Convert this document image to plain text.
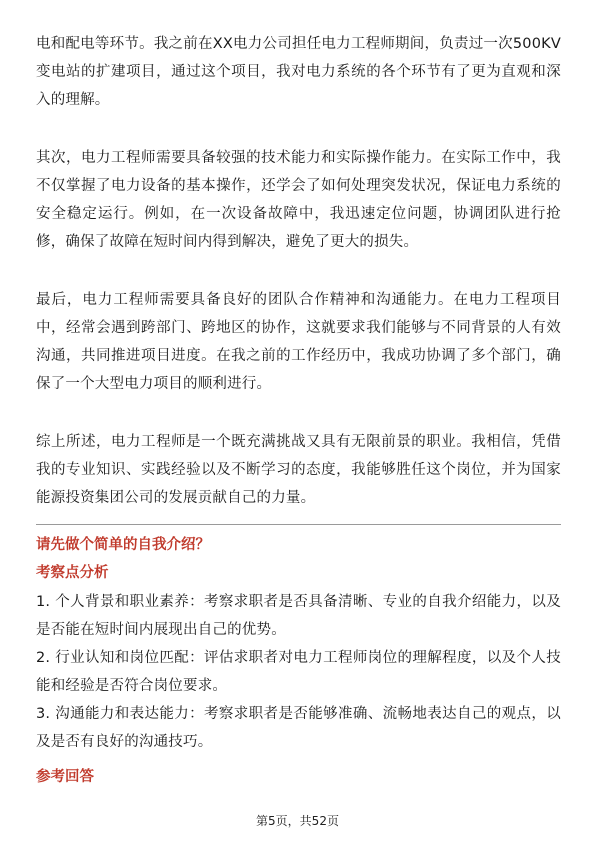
电和配电等环节。我之前在XX电力公司担任电力工程师期间，负责过一次500KV变电站的扩建项目，通过这个项目，我对电力系统的各个环节有了更为直观和深入的理解。

其次，电力工程师需要具备较强的技术能力和实际操作能力。在实际工作中，我不仅掌握了电力设备的基本操作，还学会了如何处理突发状况，保证电力系统的安全稳定运行。例如，在一次设备故障中，我迅速定位问题，协调团队进行抢修，确保了故障在短时间内得到解决，避免了更大的损失。

最后，电力工程师需要具备良好的团队合作精神和沟通能力。在电力工程项目中，经常会遇到跨部门、跨地区的协作，这就要求我们能够与不同背景的人有效沟通，共同推进项目进度。在我之前的工作经历中，我成功协调了多个部门，确保了一个大型电力项目的顺利进行。

综上所述，电力工程师是一个既充满挑战又具有无限前景的职业。我相信，凭借我的专业知识、实践经验以及不断学习的态度，我能够胜任这个岗位，并为国家能源投资集团公司的发展贡献自己的力量。

请先做个简单的自我介绍？

考察点分析

1. 个人背景和职业素养：考察求职者是否具备清晰、专业的自我介绍能力，以及是否能在短时间内展现出自己的优势。

2. 行业认知和岗位匹配：评估求职者对电力工程师岗位的理解程度，以及个人技能和经验是否符合岗位要求。

3. 沟通能力和表达能力：考察求职者是否能够准确、流畅地表达自己的观点，以及是否有良好的沟通技巧。

参考回答

第5页，共52页
